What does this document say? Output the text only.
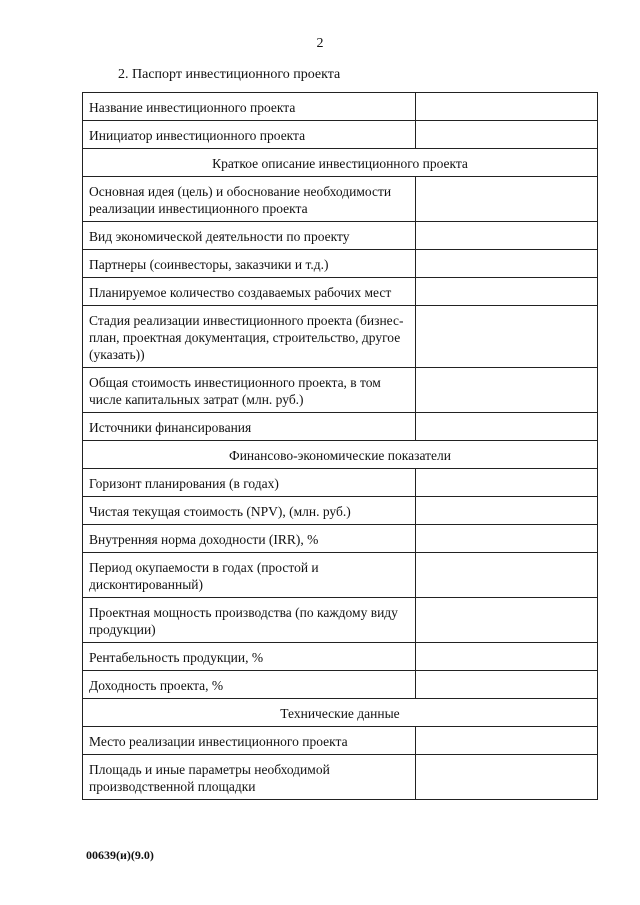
2
2. Паспорт инвестиционного проекта
Название инвестиционного проекта	
Инициатор инвестиционного проекта	
Краткое описание инвестиционного проекта	
Основная идея (цель) и обоснование необходимости реализации инвестиционного проекта	
Вид экономической деятельности по проекту	
Партнеры (соинвесторы, заказчики и т.д.)	
Планируемое количество создаваемых рабочих мест	
Стадия реализации инвестиционного проекта (бизнес-план, проектная документация, строительство, другое (указать))	
Общая стоимость инвестиционного проекта, в том числе капитальных затрат (млн. руб.)	
Источники финансирования	
Финансово-экономические показатели	
Горизонт планирования (в годах)	
Чистая текущая стоимость (NPV), (млн. руб.)	
Внутренняя норма доходности (IRR), %	
Период окупаемости в годах (простой и дисконтированный)	
Проектная мощность производства (по каждому виду продукции)	
Рентабельность продукции, %	
Доходность проекта, %	
Технические данные	
Место реализации инвестиционного проекта	
Площадь и иные параметры необходимой производственной площадки	
00639(и)(9.0)
